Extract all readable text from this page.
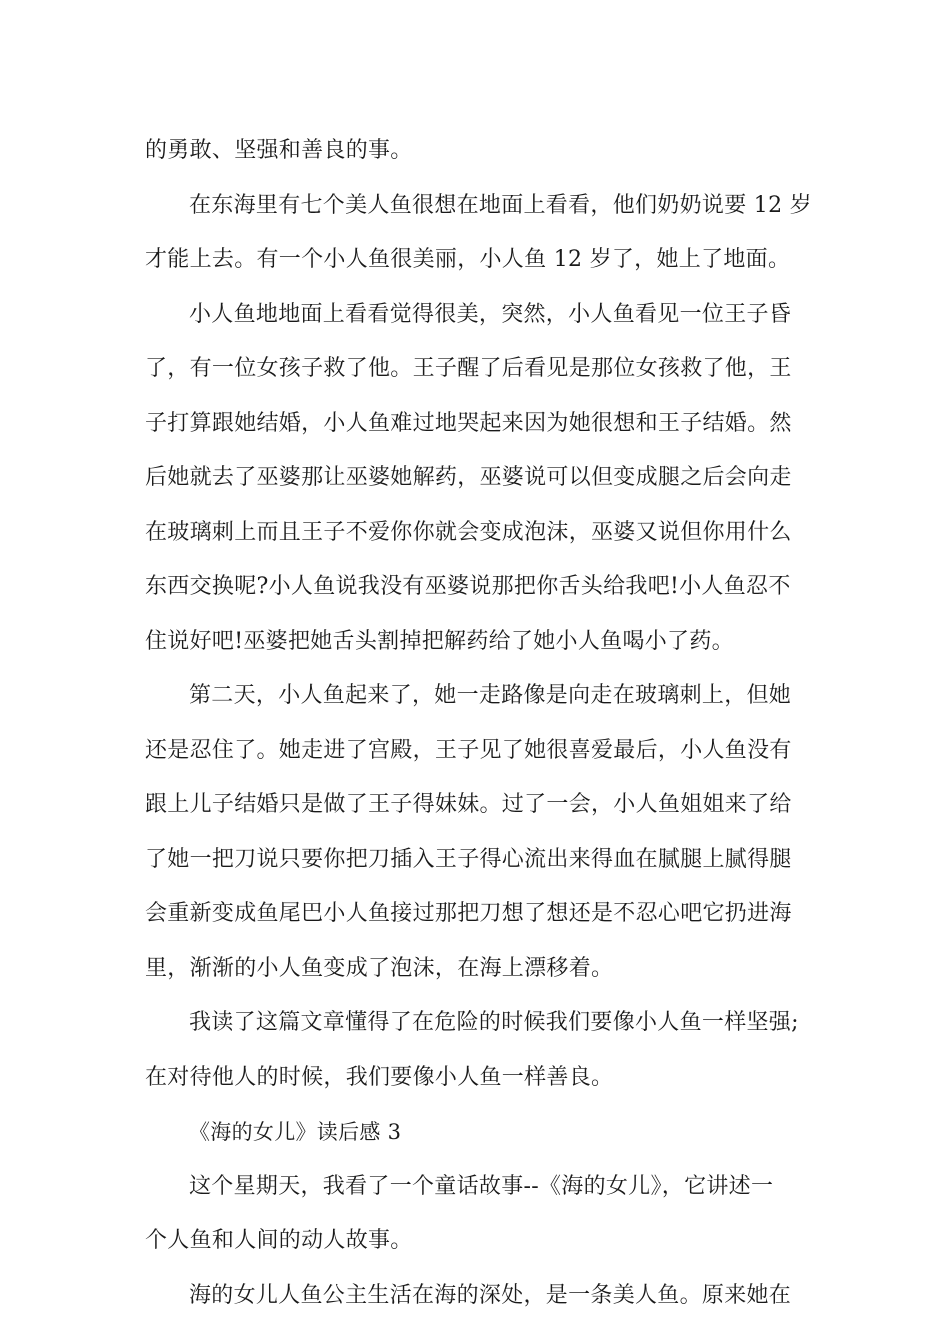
的勇敢、坚强和善良的事。
在东海里有七个美人鱼很想在地面上看看，他们奶奶说要 12 岁
才能上去。有一个小人鱼很美丽，小人鱼 12 岁了，她上了地面。
小人鱼地地面上看看觉得很美，突然，小人鱼看见一位王子昏
了，有一位女孩子救了他。王子醒了后看见是那位女孩救了他，王
子打算跟她结婚，小人鱼难过地哭起来因为她很想和王子结婚。然
后她就去了巫婆那让巫婆她解药，巫婆说可以但变成腿之后会向走
在玻璃刺上而且王子不爱你你就会变成泡沫，巫婆又说但你用什么
东西交换呢?小人鱼说我没有巫婆说那把你舌头给我吧!小人鱼忍不
住说好吧!巫婆把她舌头割掉把解药给了她小人鱼喝小了药。
第二天，小人鱼起来了，她一走路像是向走在玻璃刺上，但她
还是忍住了。她走进了宫殿，王子见了她很喜爱最后，小人鱼没有
跟上儿子结婚只是做了王子得妹妹。过了一会，小人鱼姐姐来了给
了她一把刀说只要你把刀插入王子得心流出来得血在腻腿上腻得腿
会重新变成鱼尾巴小人鱼接过那把刀想了想还是不忍心吧它扔进海
里，渐渐的小人鱼变成了泡沫，在海上漂移着。
我读了这篇文章懂得了在危险的时候我们要像小人鱼一样坚强;
在对待他人的时候，我们要像小人鱼一样善良。
《海的女儿》读后感 3
这个星期天，我看了一个童话故事--《海的女儿》，它讲述一
个人鱼和人间的动人故事。
海的女儿人鱼公主生活在海的深处，是一条美人鱼。原来她在
